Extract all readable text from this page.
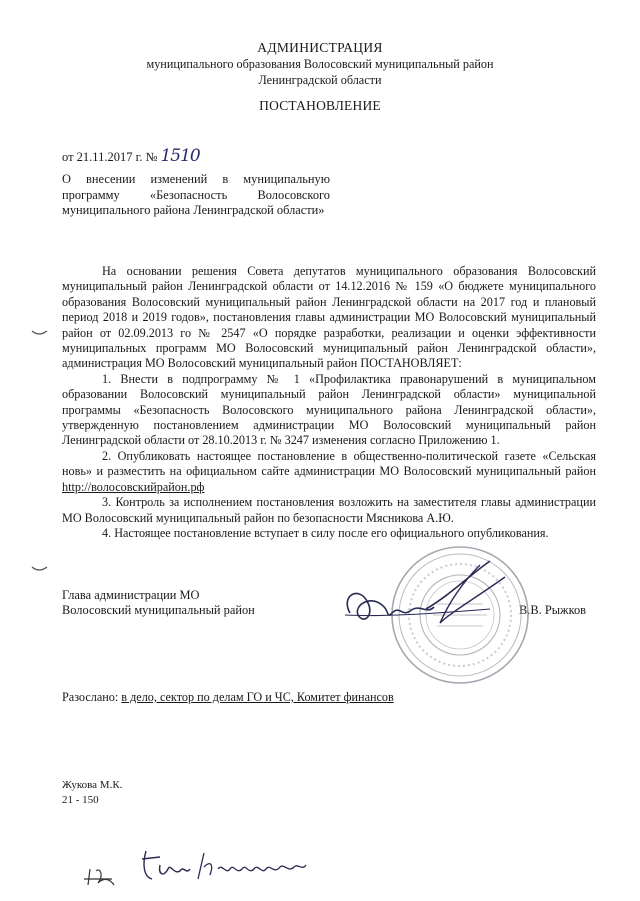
АДМИНИСТРАЦИЯ
муниципального образования Волосовский муниципальный район
Ленинградской области
ПОСТАНОВЛЕНИЕ
от 21.11.2017 г. № 1510
О внесении изменений в муниципальную программу «Безопасность Волосовского муниципального района Ленинградской области»

На основании решения Совета депутатов муниципального образования Волосовский муниципальный район Ленинградской области от 14.12.2016 № 159 «О бюджете муниципального образования Волосовский муниципальный район Ленинградской области на 2017 год и плановый период 2018 и 2019 годов», постановления главы администрации МО Волосовский муниципальный район от 02.09.2013 го № 2547 «О порядке разработки, реализации и оценки эффективности муниципальных программ МО Волосовский муниципальный район Ленинградской области», администрация МО Волосовский муниципальный район ПОСТАНОВЛЯЕТ:

1. Внести в подпрограмму № 1 «Профилактика правонарушений в муниципальном образовании Волосовский муниципальный район Ленинградской области» муниципальной программы «Безопасность Волосовского муниципального района Ленинградской области», утвержденную постановлением администрации МО Волосовский муниципальный район Ленинградской области от 28.10.2013 г. № 3247 изменения согласно Приложению 1.

2. Опубликовать настоящее постановление в общественно-политической газете «Сельская новь» и разместить на официальном сайте администрации МО Волосовский муниципальный район http://волосовскийрайон.рф

3. Контроль за исполнением постановления возложить на заместителя главы администрации МО Волосовский муниципальный район по безопасности Мясникова А.Ю.

4. Настоящее постановление вступает в силу после его официального опубликования.

Глава администрации МО
Волосовский муниципальный район	В.В. Рыжков
Разослано: в дело, сектор по делам ГО и ЧС, Комитет финансов
Жукова М.К.
21 - 150
